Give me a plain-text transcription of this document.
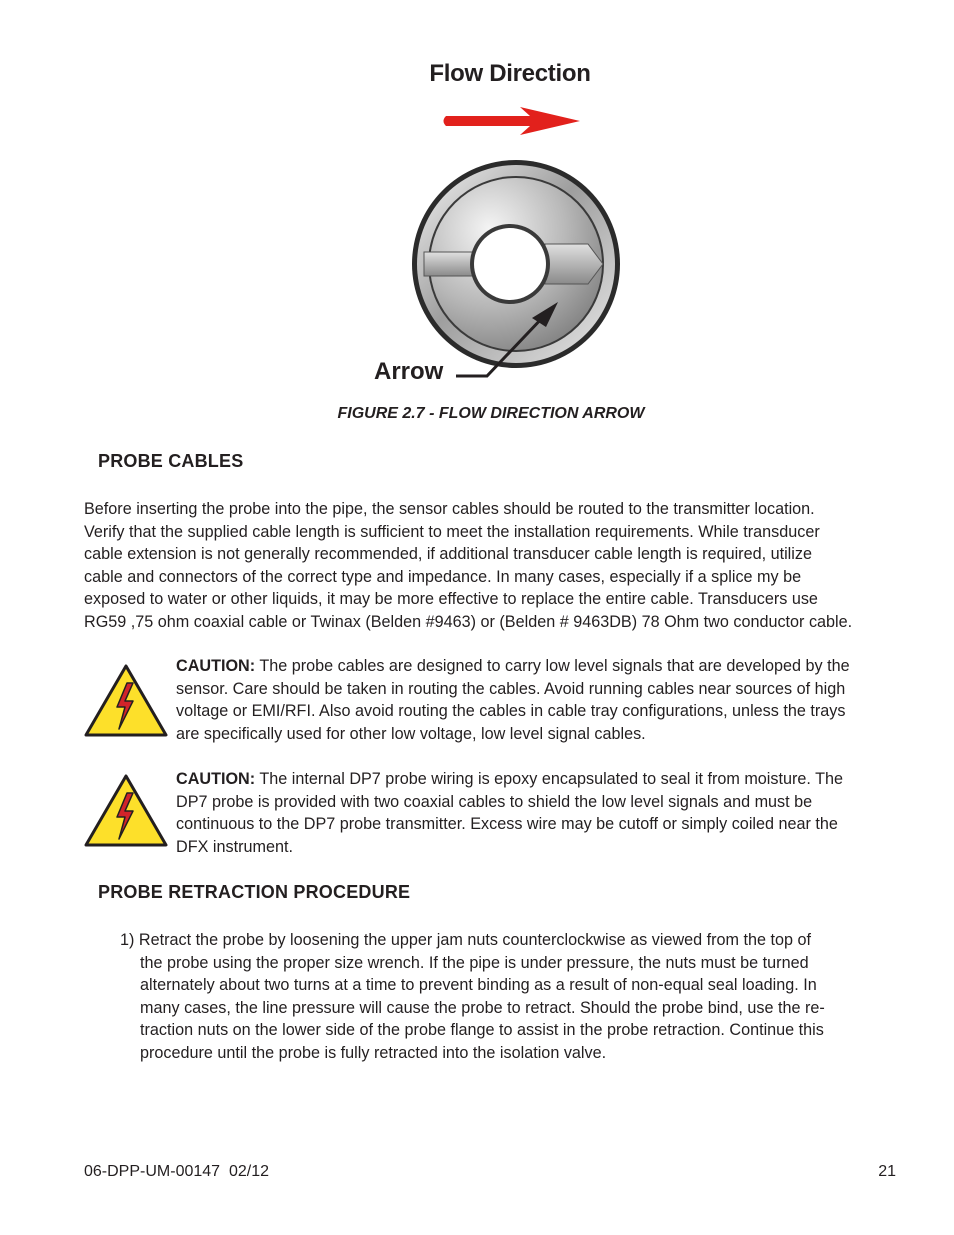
Flow Direction
Arrow
FIGURE 2.7 - FLOW DIRECTION ARROW
PROBE CABLES

Before inserting the probe into the pipe, the sensor cables should be routed to the transmitter location.

Verify that the supplied cable length is sufficient to meet the installation requirements. While transducer

cable extension is not generally recommended, if additional transducer cable length is required, utilize

cable and connectors of the correct type and impedance. In many cases, especially if a splice my be

exposed to water or other liquids, it may be more effective to replace the entire cable. Transducers use

RG59 ,75 ohm coaxial cable or Twinax (Belden #9463) or (Belden # 9463DB) 78 Ohm two conductor cable.

CAUTION: The probe cables are designed to carry low level signals that are developed by the
sensor. Care should be taken in routing the cables. Avoid running cables near sources of high
voltage or EMI/RFI. Also avoid routing the cables in cable tray configurations, unless the trays
are specifically used for other low voltage, low level signal cables.
CAUTION: The internal DP7 probe wiring is epoxy encapsulated to seal it from moisture. The
DP7 probe is provided with two coaxial cables to shield the low level signals and must be
continuous to the DP7 probe transmitter. Excess wire may be cutoff or simply coiled near the
DFX instrument.
PROBE RETRACTION PROCEDURE
1) Retract the probe by loosening the upper jam nuts counterclockwise as viewed from the top of
the probe using the proper size wrench. If the pipe is under pressure, the nuts must be turned
alternately about two turns at a time to prevent binding as a result of non-equal seal loading. In
many cases, the line pressure will cause the probe to retract. Should the probe bind, use the re-
traction nuts on the lower side of the probe flange to assist in the probe retraction. Continue this
procedure until the probe is fully retracted into the isolation valve.
06-DPP-UM-00147  02/12	21
